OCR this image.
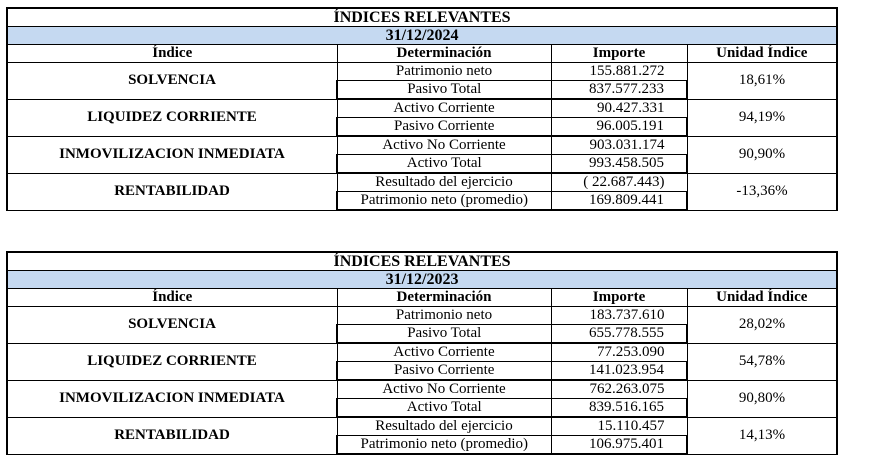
ÍNDICES RELEVANTES			
31/12/2024			
Índice	Determinación	Importe	Unidad Índice
SOLVENCIA	Patrimonio neto	155.881.272	18,61%
	Pasivo Total	837.577.233	
LIQUIDEZ CORRIENTE	Activo Corriente	90.427.331	94,19%
	Pasivo Corriente	96.005.191	
INMOVILIZACION INMEDIATA	Activo No Corriente	903.031.174	90,90%
	Activo Total	993.458.505	
RENTABILIDAD	Resultado del ejercicio	( 22.687.443)	-13,36%
	Patrimonio neto (promedio)	169.809.441	
ÍNDICES RELEVANTES			
31/12/2023			
Índice	Determinación	Importe	Unidad Índice
SOLVENCIA	Patrimonio neto	183.737.610	28,02%
	Pasivo Total	655.778.555	
LIQUIDEZ CORRIENTE	Activo Corriente	77.253.090	54,78%
	Pasivo Corriente	141.023.954	
INMOVILIZACION INMEDIATA	Activo No Corriente	762.263.075	90,80%
	Activo Total	839.516.165	
RENTABILIDAD	Resultado del ejercicio	15.110.457	14,13%
	Patrimonio neto (promedio)	106.975.401	
